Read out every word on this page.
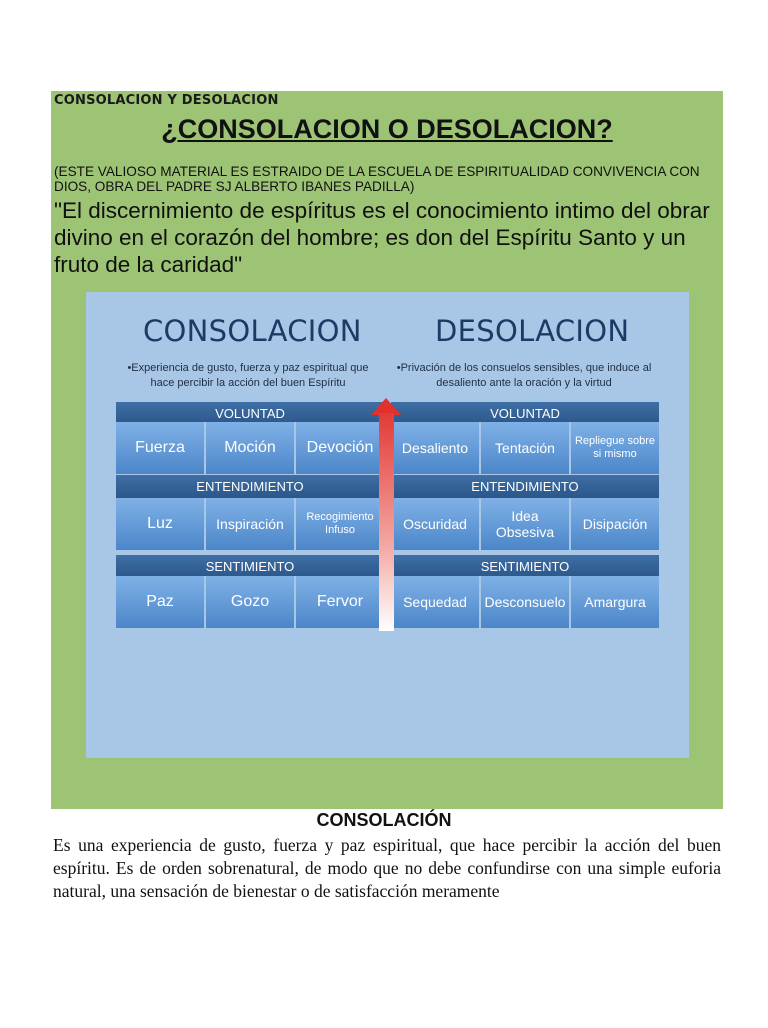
CONSOLACION Y DESOLACION
¿CONSOLACION O DESOLACION?
(ESTE VALIOSO MATERIAL ES ESTRAIDO DE LA ESCUELA DE ESPIRITUALIDAD CONVIVENCIA CON DIOS, OBRA DEL PADRE SJ ALBERTO IBANES PADILLA)
"El discernimiento de espíritus es el conocimiento intimo del obrar divino en el corazón del hombre; es don del Espíritu Santo y un fruto de la caridad"
CONSOLACION	DESOLACION
•Experiencia de gusto, fuerza y paz espiritual que hace percibir la acción del buen Espíritu
•Privación de los consuelos sensibles, que induce al desaliento ante la oración y la virtud
VOLUNTAD	VOLUNTAD
Fuerza	Moción	Devoción	Desaliento	Tentación	Repliegue sobre si mismo
ENTENDIMIENTO	ENTENDIMIENTO
Luz	Inspiración	Recogimiento Infuso	Oscuridad	Idea Obsesiva	Disipación
SENTIMIENTO	SENTIMIENTO
Paz	Gozo	Fervor	Sequedad	Desconsuelo	Amargura
DISCERNIMIENTO DE LAS MOCIONES
DEL ALMA
CONSOLACIÓN
Es una experiencia de gusto, fuerza y paz espiritual, que hace percibir la acción del buen espíritu. Es de orden sobrenatural, de modo que no debe confundirse con una simple euforia natural, una sensación de bienestar o de satisfacción meramente
